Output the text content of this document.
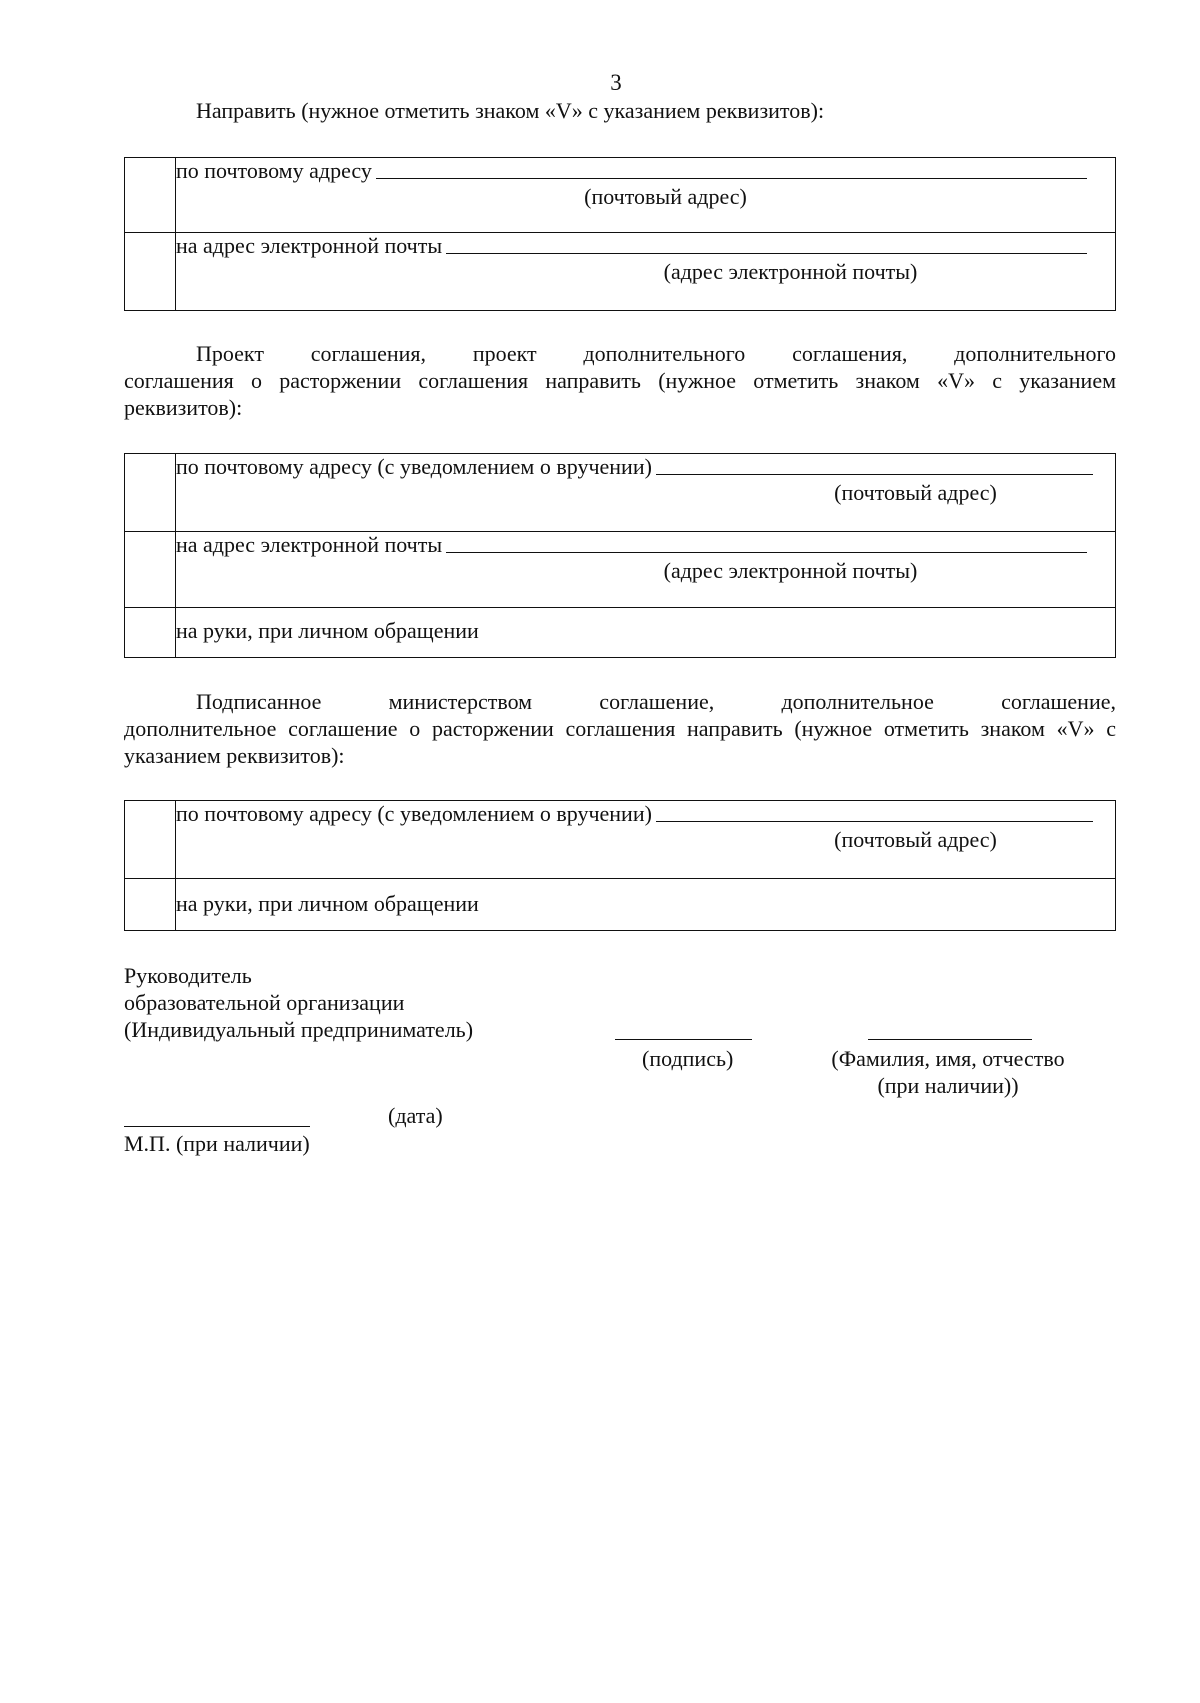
3
Направить (нужное отметить знаком «V» с указанием реквизитов):

	по почтовому адресу
(почтовый адрес)

	на адрес электронной почты
(адрес электронной почты)
Проект соглашения, проект дополнительного соглашения, дополнительного
соглашения о расторжении соглашения направить (нужное отметить знаком «V» с указанием реквизитов):

	по почтовому адресу (с уведомлением о вручении)
(почтовый адрес)

	на адрес электронной почты
(адрес электронной почты)

	на руки, при личном обращении
Подписанное министерством соглашение, дополнительное соглашение,
дополнительное соглашение о расторжении соглашения направить (нужное отметить знаком «V» с указанием реквизитов):

	по почтовому адресу (с уведомлением о вручении)
(почтовый адрес)

	на руки, при личном обращении
Руководитель
образовательной организации
(Индивидуальный предприниматель)
(подпись)	(Фамилия, имя, отчество
(при наличии))
(дата)
М.П. (при наличии)
